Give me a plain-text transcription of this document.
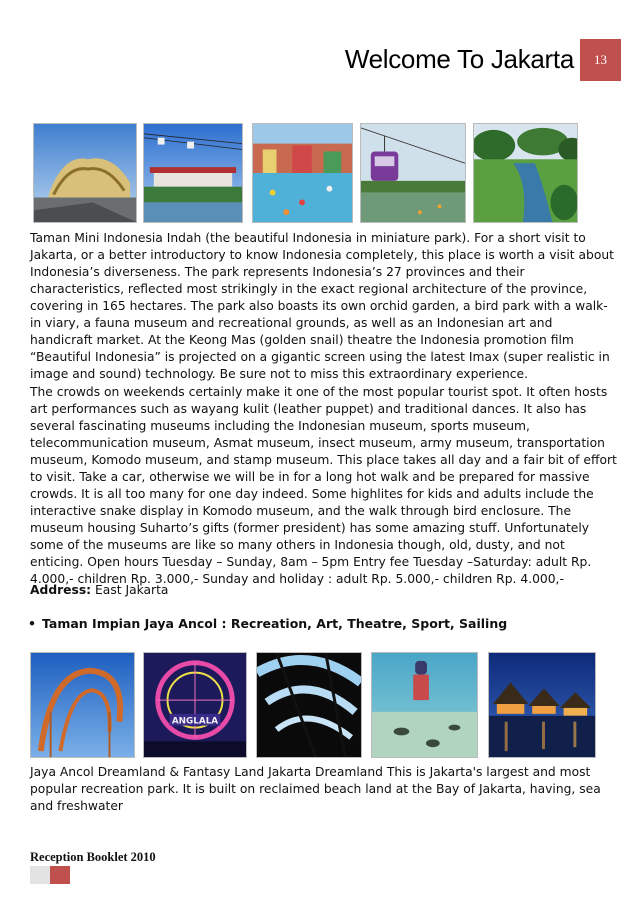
Welcome To Jakarta	13

Taman Mini Indonesia Indah (the beautiful Indonesia in miniature park). For a short visit to Jakarta, or a better introductory to know Indonesia completely, this place is worth a visit about Indonesia’s diverseness. The park represents Indonesia’s 27 provinces and their characteristics, reflected most strikingly in the exact regional architecture of the province, covering in 165 hectares. The park also boasts its own orchid garden, a bird park with a walk-in viary, a fauna museum and recreational grounds, as well as an Indonesian art and handicraft market. At the Keong Mas (golden snail) theatre the Indonesia promotion film “Beautiful Indonesia” is projected on a gigantic screen using the latest Imax (super realistic in image and sound) technology. Be sure not to miss this extraordinary experience.

The crowds on weekends certainly make it one of the most popular tourist spot. It often hosts art performances such as wayang kulit (leather puppet) and traditional dances. It also has several fascinating museums including the Indonesian museum, sports museum, telecommunication museum, Asmat museum, insect museum, army museum, transportation museum, Komodo museum, and stamp museum. This place takes all day and a fair bit of effort to visit. Take a car, otherwise we will be in for a long hot walk and be prepared for massive crowds. It is all too many for one day indeed. Some highlites for kids and adults include the interactive snake display in Komodo museum, and the walk through bird enclosure. The museum housing Suharto’s gifts (former president) has some amazing stuff. Unfortunately some of the museums are like so many others in Indonesia though, old, dusty, and not enticing. Open hours Tuesday – Sunday, 8am – 5pm Entry fee Tuesday –Saturday: adult Rp. 4.000,- children Rp. 3.000,- Sunday and holiday : adult Rp. 5.000,- children Rp. 4.000,-

Address: East Jakarta

• Taman Impian Jaya Ancol : Recreation, Art, Theatre, Sport, Sailing

ANGLALA

Jaya Ancol Dreamland & Fantasy Land Jakarta Dreamland This is Jakarta's largest and most popular recreation park. It is built on reclaimed beach land at the Bay of Jakarta, having, sea and freshwater

Reception Booklet 2010
